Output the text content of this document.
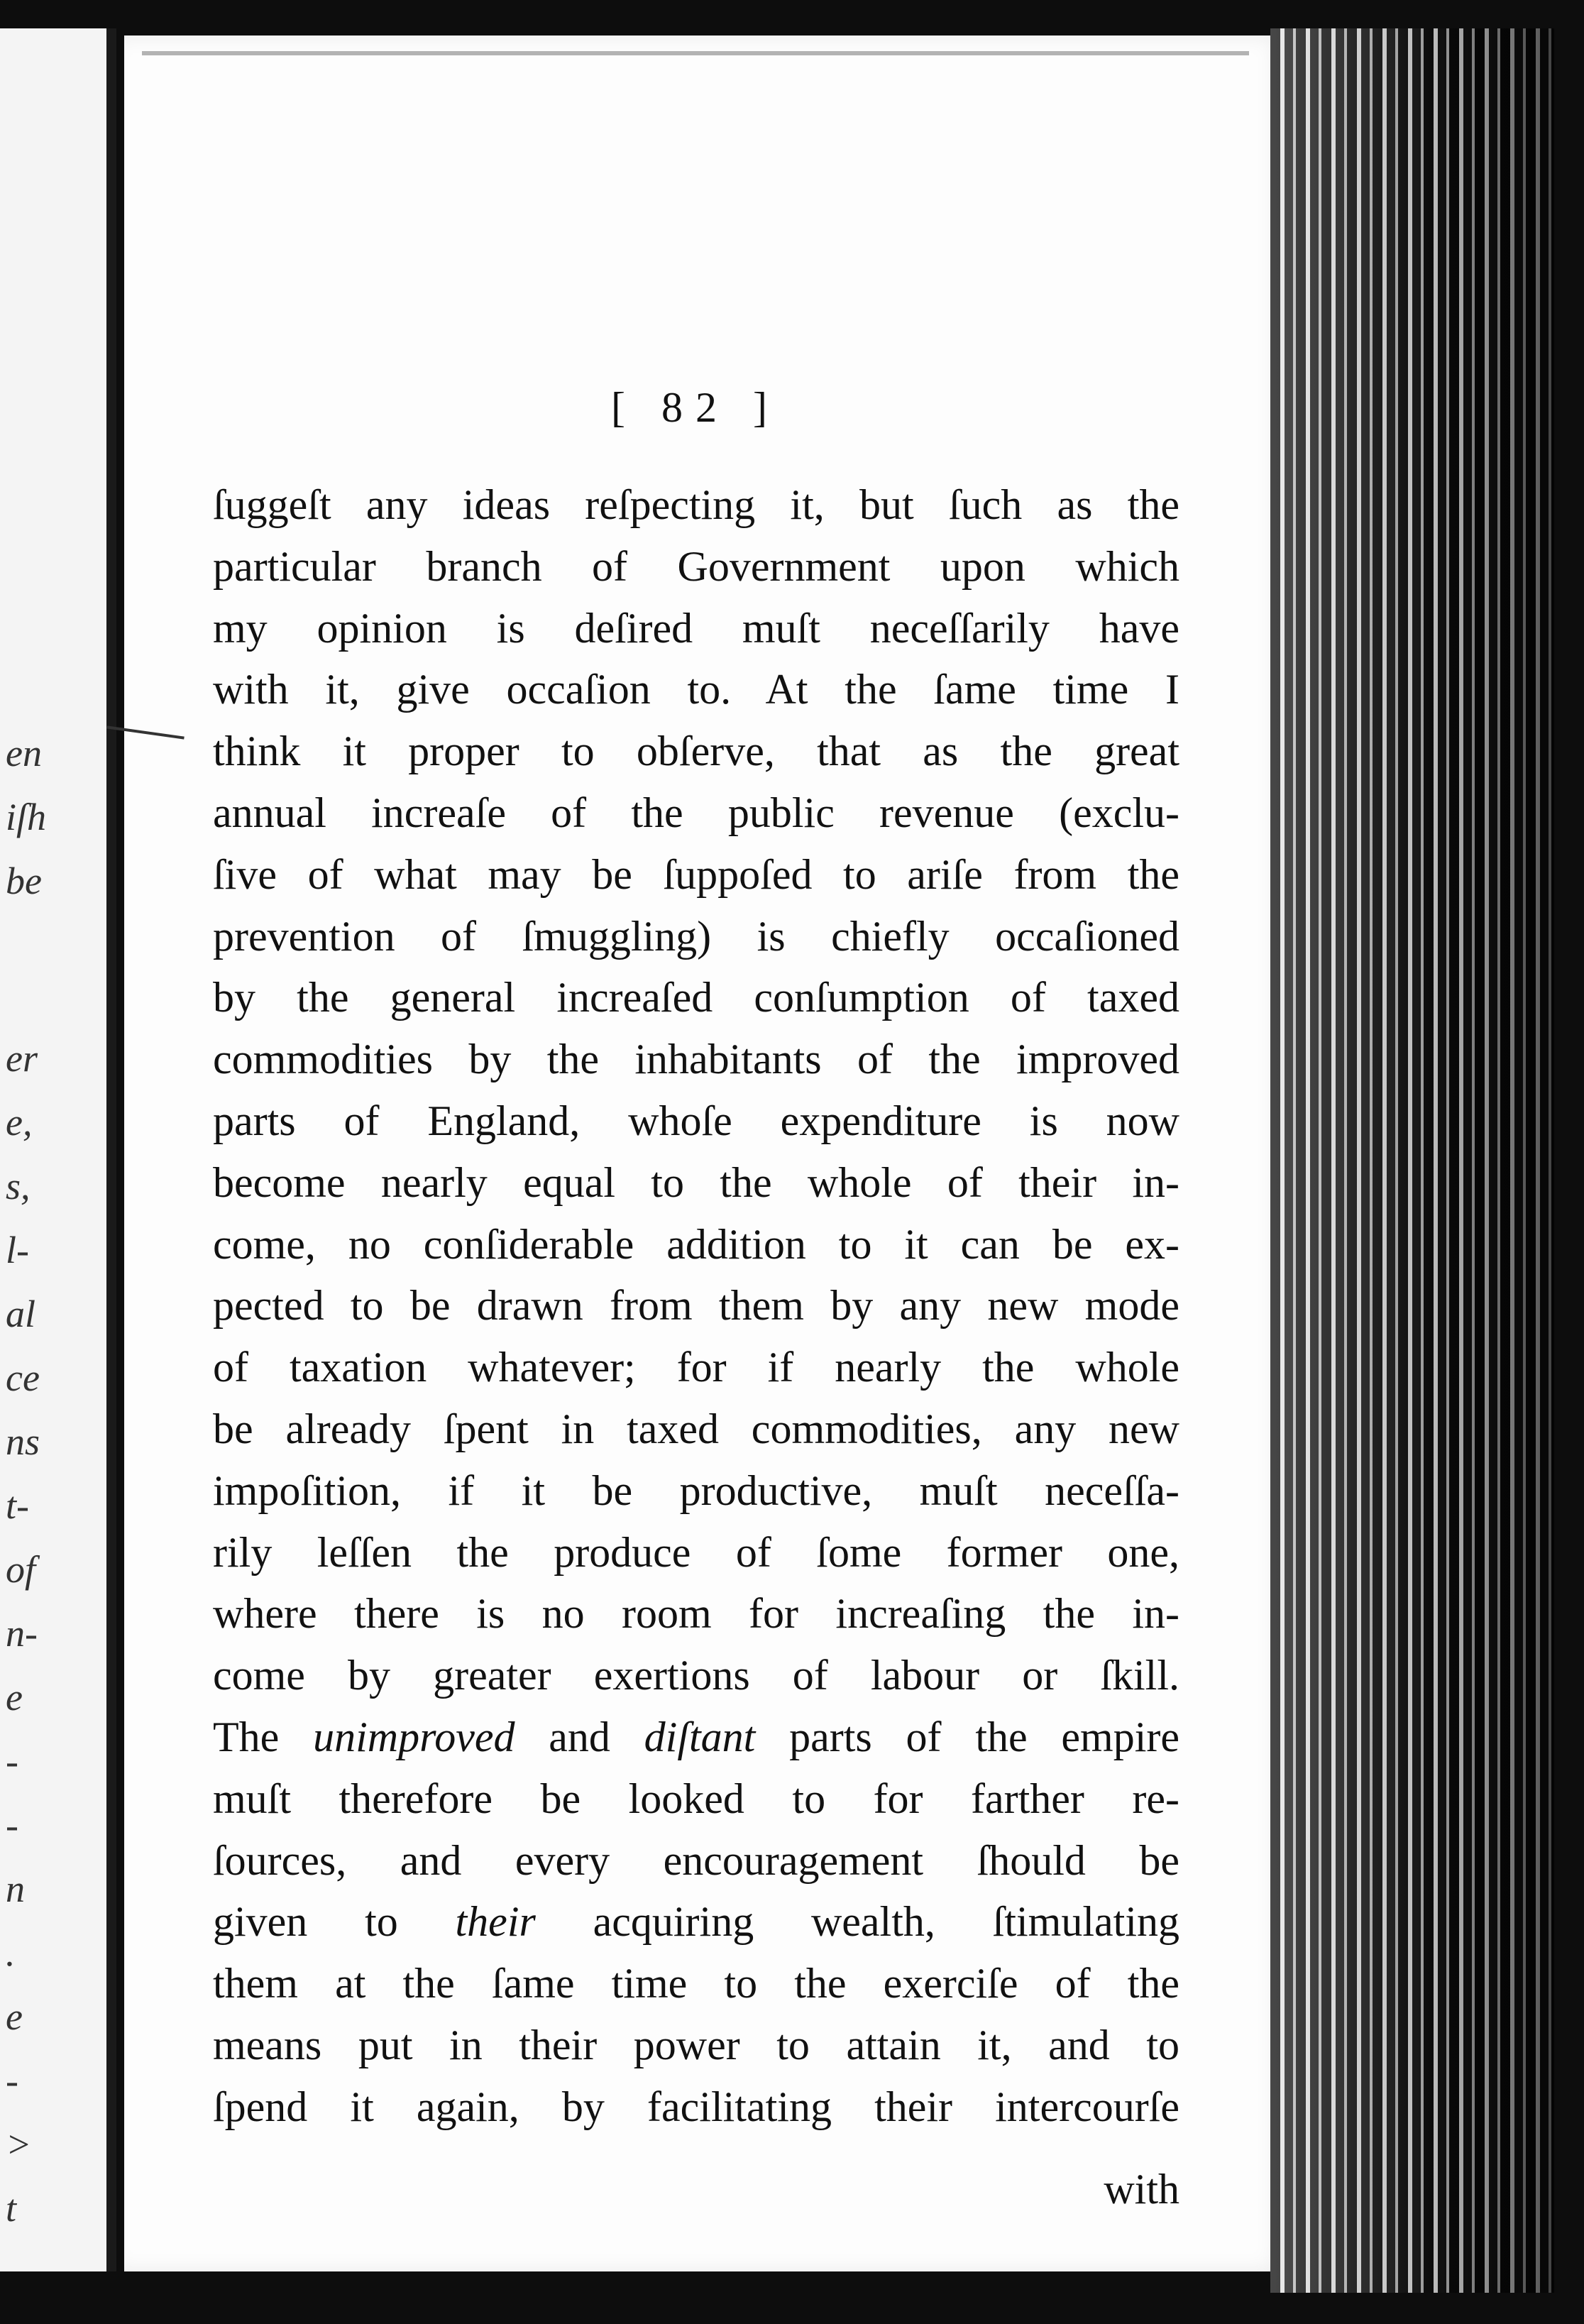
en
iſh
be
er
e,
s,
l-
al
ce
ns
t-
of
n-
e
-
-
n
.
e
-
>
t
[ 82 ]
ſuggeſt any ideas reſpecting it, but ſuch as the
particular branch of Government upon which
my opinion is deſired muſt neceſſarily have
with it, give occaſion to. At the ſame time I
think it proper to obſerve, that as the great
annual increaſe of the public revenue (exclu-
ſive of what may be ſuppoſed to ariſe from the
prevention of ſmuggling) is chiefly occaſioned
by the general increaſed conſumption of taxed
commodities by the inhabitants of the improved
parts of England, whoſe expenditure is now
become nearly equal to the whole of their in-
come, no conſiderable addition to it can be ex-
pected to be drawn from them by any new mode
of taxation whatever; for if nearly the whole
be already ſpent in taxed commodities, any new
impoſition, if it be productive, muſt neceſſa-
rily leſſen the produce of ſome former one,
where there is no room for increaſing the in-
come by greater exertions of labour or ſkill.
The unimproved and diſtant parts of the empire
muſt therefore be looked to for farther re-
ſources, and every encouragement ſhould be
given to their acquiring wealth, ſtimulating
them at the ſame time to the exerciſe of the
means put in their power to attain it, and to
ſpend it again, by facilitating their intercourſe
with
